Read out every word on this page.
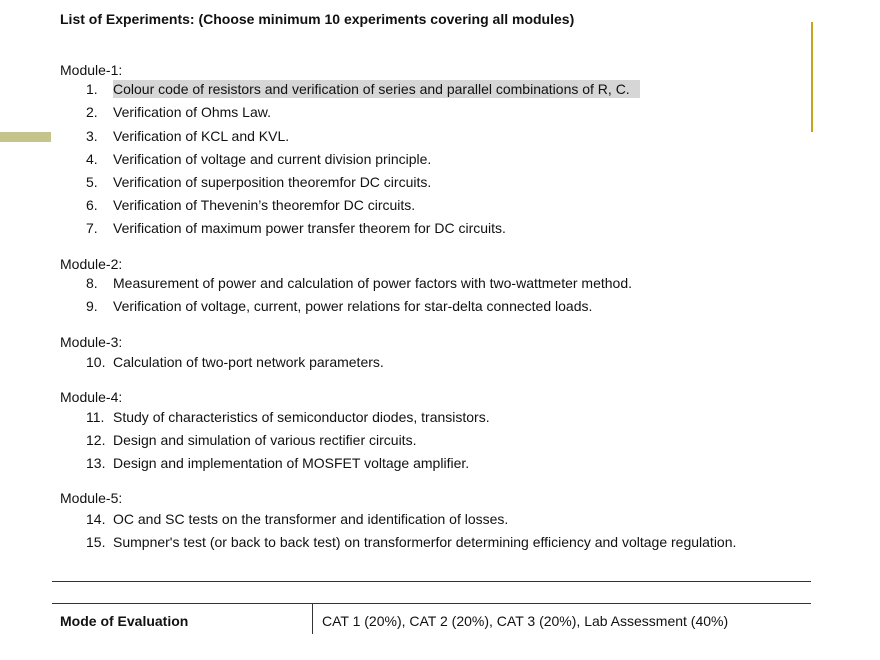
List of Experiments: (Choose minimum 10 experiments covering all modules)
Module-1:
1. Colour code of resistors and verification of series and parallel combinations of R, C.
2. Verification of Ohms Law.
3. Verification of KCL and KVL.
4. Verification of voltage and current division principle.
5. Verification of superposition theoremfor DC circuits.
6. Verification of Thevenin’s theoremfor DC circuits.
7. Verification of maximum power transfer theorem for DC circuits.
Module-2:
8. Measurement of power and calculation of power factors with two-wattmeter method.
9. Verification of voltage, current, power relations for star-delta connected loads.
Module-3:
10. Calculation of two-port network parameters.
Module-4:
11. Study of characteristics of semiconductor diodes, transistors.
12. Design and simulation of various rectifier circuits.
13. Design and implementation of MOSFET voltage amplifier.
Module-5:
14. OC and SC tests on the transformer and identification of losses.
15. Sumpner's test (or back to back test) on transformerfor determining efficiency and voltage regulation.
Mode of Evaluation	CAT 1 (20%), CAT 2 (20%), CAT 3 (20%), Lab Assessment (40%)
